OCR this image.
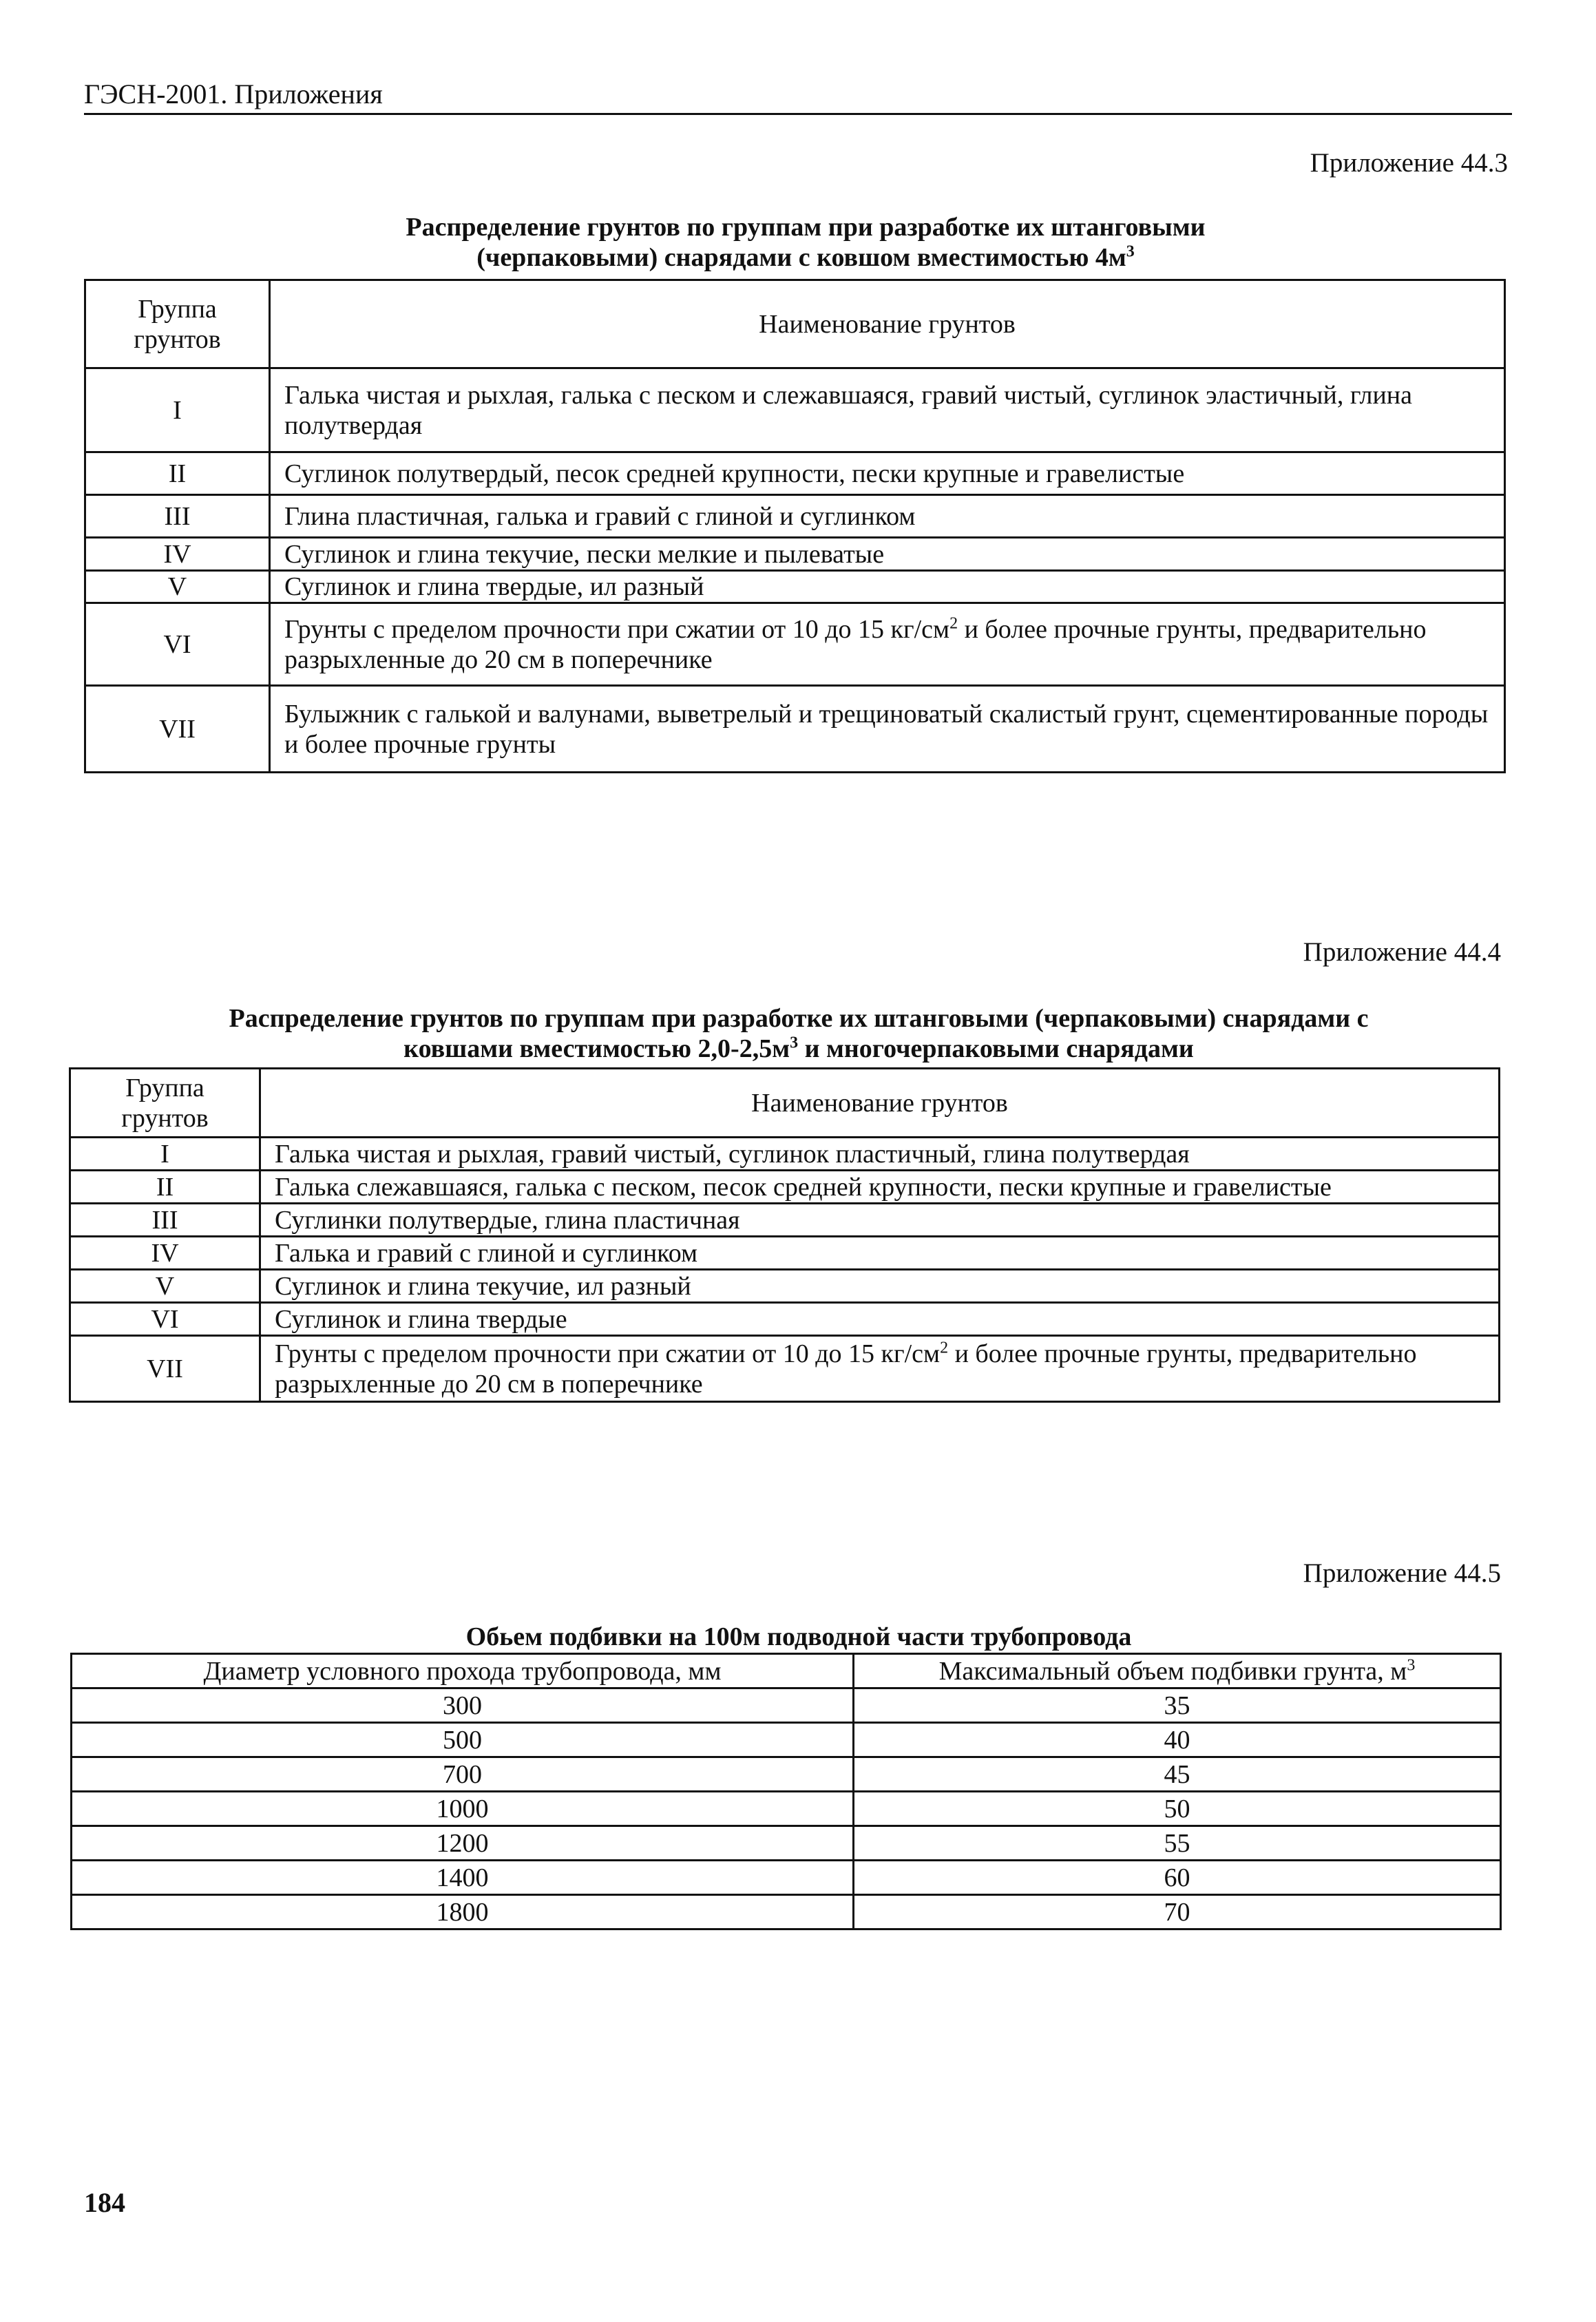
ГЭСН-2001. Приложения
Приложение 44.3
Распределение грунтов по группам при разработке их штанговыми
(черпаковыми) снарядами с ковшом вместимостью $4м^3$
Группа грунтов	Наименование грунтов
I	Галька чистая и рыхлая, галька с песком и слежавшаяся, гравий чистый, суглинок эластичный, глина полутвердая
II	Суглинок полутвердый, песок средней крупности, пески крупные и гравелистые
III	Глина пластичная, галька и гравий с глиной и суглинком
IV	Суглинок и глина текучие, пески мелкие и пылеватые
V	Суглинок и глина твердые, ил разный
VI	Грунты с пределом прочности при сжатии от 10 до 15 $кг/см^2$ и более прочные грунты, предварительно разрыхленные до 20 см в поперечнике
VII	Булыжник с галькой и валунами, выветрелый и трещиноватый скалистый грунт, сцементированные породы и более прочные грунты
Приложение 44.4
Распределение грунтов по группам при разработке их штанговыми (черпаковыми) снарядами с
ковшами вместимостью $2,0-2,5м^3$ и многочерпаковыми снарядами
Группа грунтов	Наименование грунтов
I	Галька чистая и рыхлая, гравий чистый, суглинок пластичный, глина полутвердая
II	Галька слежавшаяся, галька с песком, песок средней крупности, пески крупные и гравелистые
III	Суглинки полутвердые, глина пластичная
IV	Галька и гравий с глиной и суглинком
V	Суглинок и глина текучие, ил разный
VI	Суглинок и глина твердые
VII	Грунты с пределом прочности при сжатии от 10 до 15 $кг/см^2$ и более прочные грунты, предварительно разрыхленные до 20 см в поперечнике
Приложение 44.5
Обьем подбивки на 100м подводной части трубопровода
Диаметр условного прохода трубопровода, мм	Максимальный объем подбивки грунта, $м^3$
300	35
500	40
700	45
1000	50
1200	55
1400	60
1800	70
184
